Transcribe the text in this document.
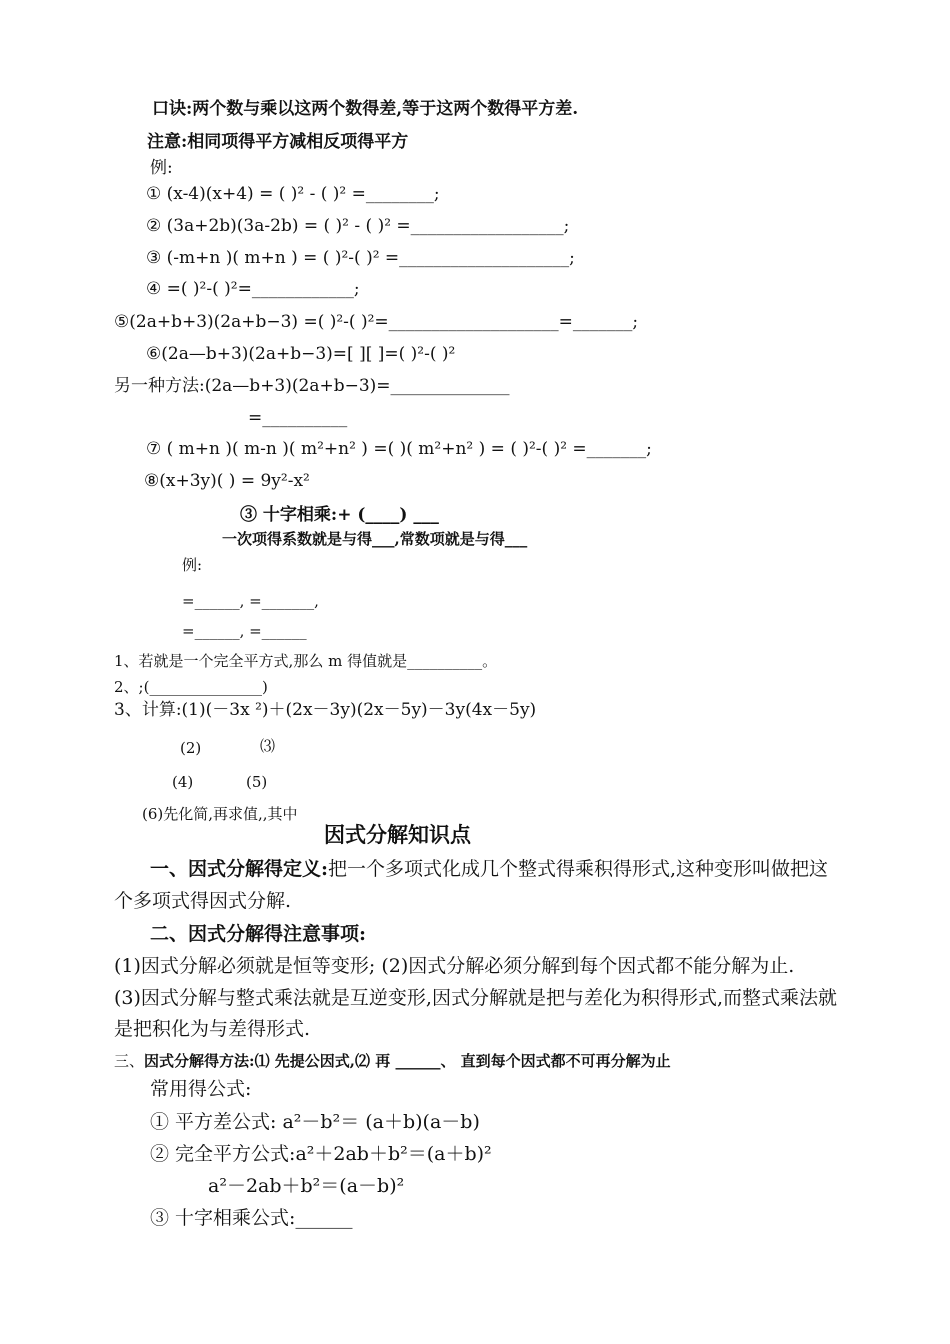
口诀:两个数与乘以这两个数得差,等于这两个数得平方差.
注意:相同项得平方减相反项得平方
例:
① (x-4)(x+4) = ( )² - ( )² =________;
② (3a+2b)(3a-2b) = ( )² - ( )² =__________________;
③ (-m+n )( m+n ) = ( )²-( )² =____________________;
④ =( )²-( )²=____________;
⑤(2a+b+3)(2a+b−3) =( )²-( )²=____________________=_______;
⑥(2a—b+3)(2a+b−3)=[ ][ ]=( )²-( )²
另一种方法:(2a—b+3)(2a+b−3)=______________
=__________
⑦ ( m+n )( m-n )( m²+n² ) =( )( m²+n² ) = ( )²-( )² =_______;
⑧(x+3y)( ) = 9y²-x²
③ 十字相乘:+ (____) ___
一次项得系数就是与得___,常数项就是与得___
例:
=______, =_______,
=______, =______
1、若就是一个完全平方式,那么 m 得值就是__________。
2、;(_______________)
3、计算:(1)(－3x ²)＋(2x－3y)(2x－5y)－3y(4x－5y)
(2)	⑶
(4)	(5)
(6)先化简,再求值,,其中
因式分解知识点
一、因式分解得定义:把一个多项式化成几个整式得乘积得形式,这种变形叫做把这
个多项式得因式分解.
二、因式分解得注意事项:
(1)因式分解必须就是恒等变形; (2)因式分解必须分解到每个因式都不能分解为止.
(3)因式分解与整式乘法就是互逆变形,因式分解就是把与差化为积得形式,而整式乘法就
是把积化为与差得形式.
三、因式分解得方法:⑴ 先提公因式,⑵ 再 ______、 直到每个因式都不可再分解为止
常用得公式:
① 平方差公式: a²－b²＝ (a＋b)(a－b)
② 完全平方公式:a²＋2ab＋b²＝(a＋b)²
a²－2ab＋b²＝(a－b)²
③ 十字相乘公式:______
